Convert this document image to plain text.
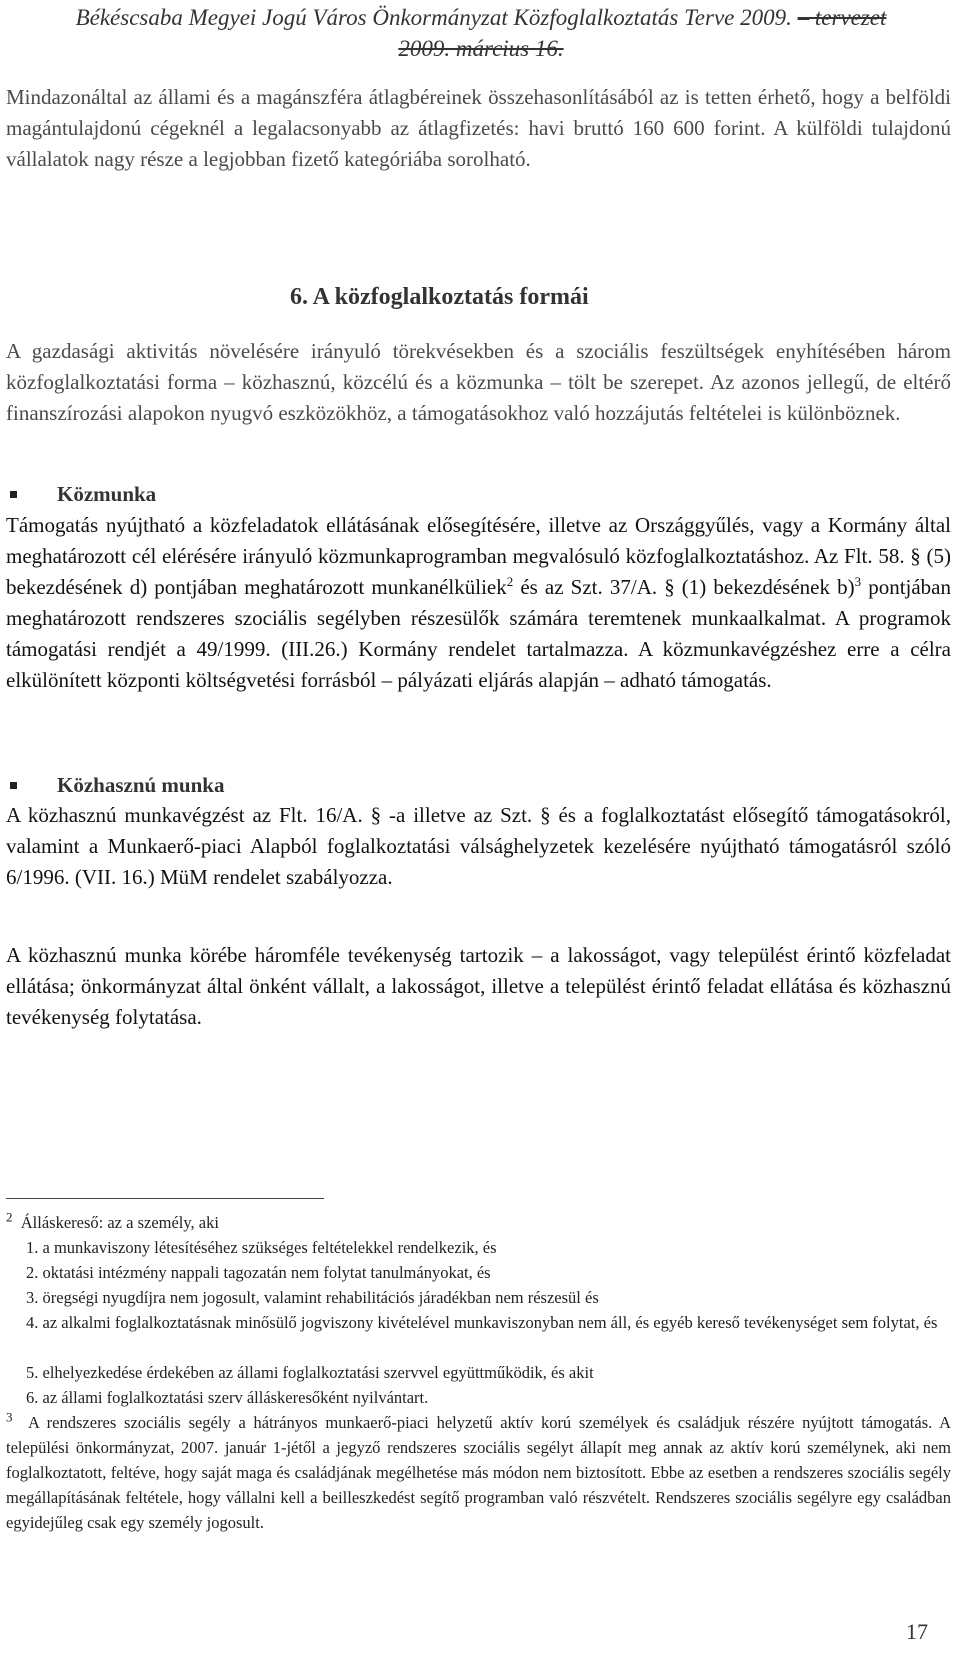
Békéscsaba Megyei Jogú Város Önkormányzat Közfoglalkoztatás Terve 2009. – tervezet
2009. március 16.
Mindazonáltal az állami és a magánszféra átlagbéreinek összehasonlításából az is tetten érhető, hogy a belföldi magántulajdonú cégeknél a legalacsonyabb az átlagfizetés: havi bruttó 160 600 forint. A külföldi tulajdonú vállalatok nagy része a legjobban fizető kategóriába sorolható.
6. A közfoglalkoztatás formái
A gazdasági aktivitás növelésére irányuló törekvésekben és a szociális feszültségek enyhítésében három közfoglalkoztatási forma – közhasznú, közcélú és a közmunka – tölt be szerepet. Az azonos jellegű, de eltérő finanszírozási alapokon nyugvó eszközökhöz, a támogatásokhoz való hozzájutás feltételei is különböznek.
Közmunka
Támogatás nyújtható a közfeladatok ellátásának elősegítésére, illetve az Országgyűlés, vagy a Kormány által meghatározott cél elérésére irányuló közmunkaprogramban megvalósuló közfoglalkoztatáshoz. Az Flt. 58. § (5) bekezdésének d) pontjában meghatározott munkanélküliek$^2$ és az Szt. 37/A. § (1) bekezdésének b)$^3$ pontjában meghatározott rendszeres szociális segélyben részesülők számára teremtenek munkaalkalmat. A programok támogatási rendjét a 49/1999. (III.26.) Kormány rendelet tartalmazza. A közmunkavégzéshez erre a célra elkülönített központi költségvetési forrásból – pályázati eljárás alapján – adható támogatás.
Közhasznú munka
A közhasznú munkavégzést az Flt. 16/A. § -a illetve az Szt. § és a foglalkoztatást elősegítő támogatásokról, valamint a Munkaerő-piaci Alapból foglalkoztatási válsághelyzetek kezelésére nyújtható támogatásról szóló 6/1996. (VII. 16.) MüM rendelet szabályozza.
A közhasznú munka körébe háromféle tevékenység tartozik – a lakosságot, vagy települést érintő közfeladat ellátása; önkormányzat által önként vállalt, a lakosságot, illetve a települést érintő feladat ellátása és közhasznú tevékenység folytatása.
$^2$ Álláskereső: az a személy, aki
1. a munkaviszony létesítéséhez szükséges feltételekkel rendelkezik, és
2. oktatási intézmény nappali tagozatán nem folytat tanulmányokat, és
3. öregségi nyugdíjra nem jogosult, valamint rehabilitációs járadékban nem részesül és
4. az alkalmi foglalkoztatásnak minősülő jogviszony kivételével munkaviszonyban nem áll, és egyéb kereső tevékenységet sem folytat, és
5. elhelyezkedése érdekében az állami foglalkoztatási szervvel együttműködik, és akit
6. az állami foglalkoztatási szerv álláskeresőként nyilvántart.
$^3$ A rendszeres szociális segély a hátrányos munkaerő-piaci helyzetű aktív korú személyek és családjuk részére nyújtott támogatás. A települési önkormányzat, 2007. január 1-jétől a jegyző rendszeres szociális segélyt állapít meg annak az aktív korú személynek, aki nem foglalkoztatott, feltéve, hogy saját maga és családjának megélhetése más módon nem biztosított. Ebbe az esetben a rendszeres szociális segély megállapításának feltétele, hogy vállalni kell a beilleszkedést segítő programban való részvételt. Rendszeres szociális segélyre egy családban egyidejűleg csak egy személy jogosult.
17
